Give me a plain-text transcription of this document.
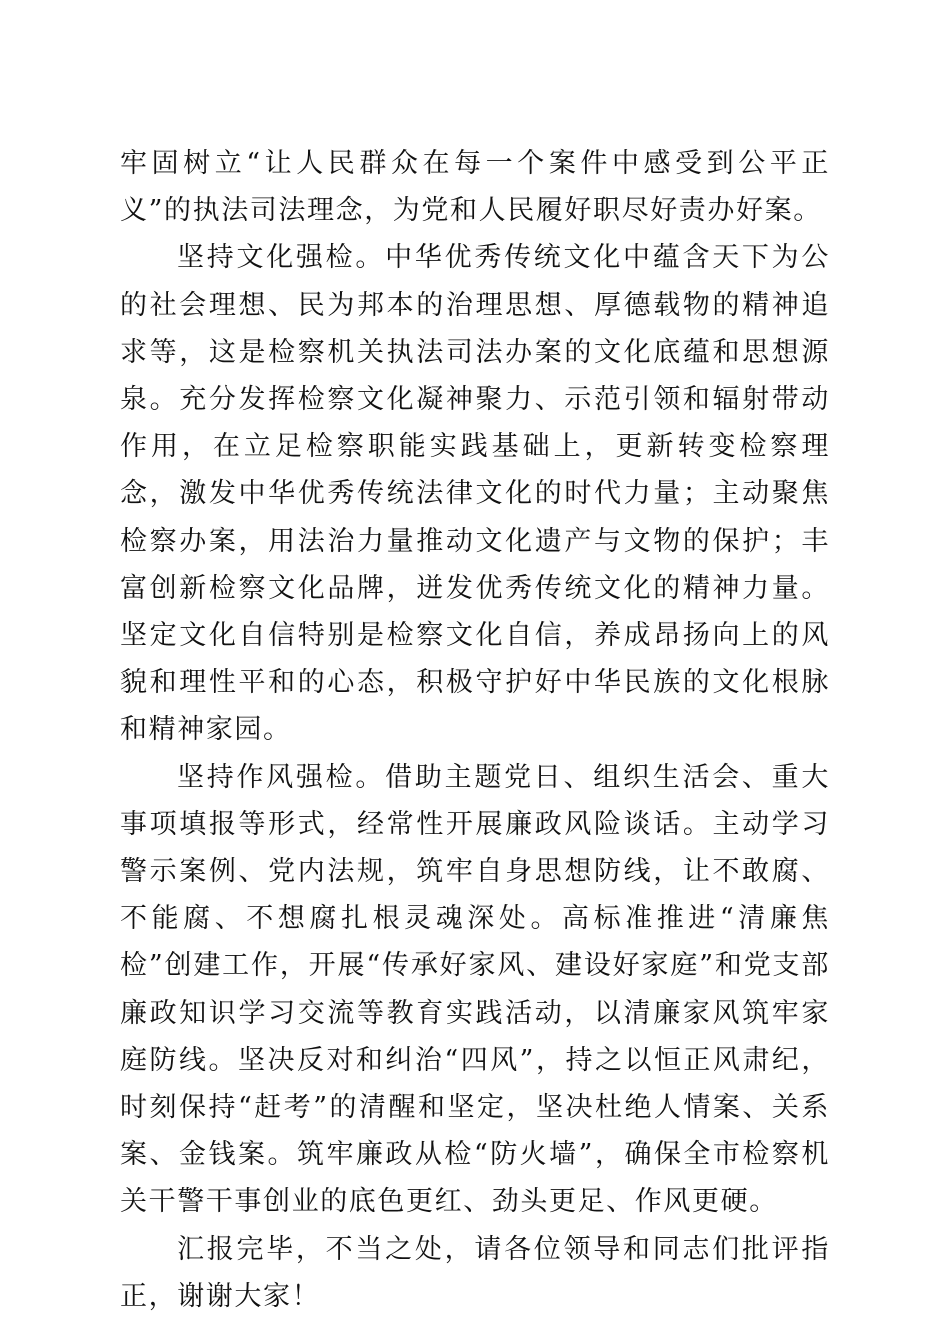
牢固树立“让人民群众在每一个案件中感受到公平正义”的执法司法理念，为党和人民履好职尽好责办好案。

坚持文化强检。中华优秀传统文化中蕴含天下为公的社会理想、民为邦本的治理思想、厚德载物的精神追求等，这是检察机关执法司法办案的文化底蕴和思想源泉。充分发挥检察文化凝神聚力、示范引领和辐射带动作用，在立足检察职能实践基础上，更新转变检察理念，激发中华优秀传统法律文化的时代力量；主动聚焦检察办案，用法治力量推动文化遗产与文物的保护；丰富创新检察文化品牌，迸发优秀传统文化的精神力量。坚定文化自信特别是检察文化自信，养成昂扬向上的风貌和理性平和的心态，积极守护好中华民族的文化根脉和精神家园。

坚持作风强检。借助主题党日、组织生活会、重大事项填报等形式，经常性开展廉政风险谈话。主动学习警示案例、党内法规，筑牢自身思想防线，让不敢腐、不能腐、不想腐扎根灵魂深处。高标准推进“清廉焦检”创建工作，开展“传承好家风、建设好家庭”和党支部廉政知识学习交流等教育实践活动，以清廉家风筑牢家庭防线。坚决反对和纠治“四风”，持之以恒正风肃纪，时刻保持“赶考”的清醒和坚定，坚决杜绝人情案、关系案、金钱案。筑牢廉政从检“防火墙”，确保全市检察机关干警干事创业的底色更红、劲头更足、作风更硬。

汇报完毕，不当之处，请各位领导和同志们批评指正，谢谢大家！
